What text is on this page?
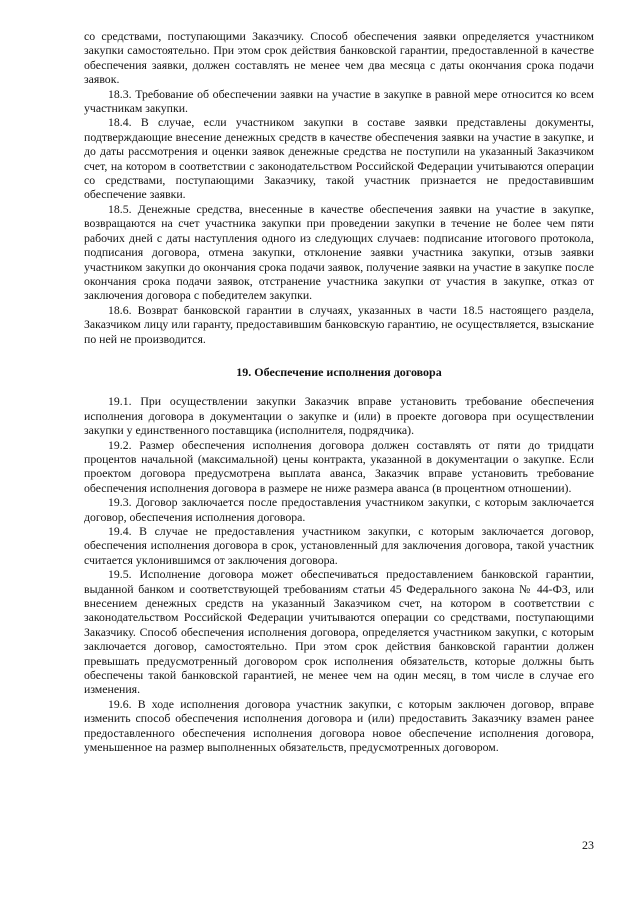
со средствами, поступающими Заказчику. Способ обеспечения заявки определяется участником закупки самостоятельно. При этом срок действия банковской гарантии, предоставленной в качестве обеспечения заявки, должен составлять не менее чем два месяца с даты окончания срока подачи заявок.

18.3. Требование об обеспечении заявки на участие в закупке в равной мере относится ко всем участникам закупки.

18.4. В случае, если участником закупки в составе заявки представлены документы, подтверждающие внесение денежных средств в качестве обеспечения заявки на участие в закупке, и до даты рассмотрения и оценки заявок денежные средства не поступили на указанный Заказчиком счет, на котором в соответствии с законодательством Российской Федерации учитываются операции со средствами, поступающими Заказчику, такой участник признается не предоставившим обеспечение заявки.

18.5. Денежные средства, внесенные в качестве обеспечения заявки на участие в закупке, возвращаются на счет участника закупки при проведении закупки в течение не более чем пяти рабочих дней с даты наступления одного из следующих случаев: подписание итогового протокола, подписания договора, отмена закупки, отклонение заявки участника закупки, отзыв заявки участником закупки до окончания срока подачи заявок, получение заявки на участие в закупке после окончания срока подачи заявок, отстранение участника закупки от участия в закупке, отказ от заключения договора с победителем закупки.

18.6. Возврат банковской гарантии в случаях, указанных в части 18.5 настоящего раздела, Заказчиком лицу или гаранту, предоставившим банковскую гарантию, не осуществляется, взыскание по ней не производится.

19. Обеспечение исполнения договора

19.1. При осуществлении закупки Заказчик вправе установить требование обеспечения исполнения договора в документации о закупке и (или) в проекте договора при осуществлении закупки у единственного поставщика (исполнителя, подрядчика).

19.2. Размер обеспечения исполнения договора должен составлять от пяти до тридцати процентов начальной (максимальной) цены контракта, указанной в документации о закупке. Если проектом договора предусмотрена выплата аванса, Заказчик вправе установить требование обеспечения исполнения договора в размере не ниже размера аванса (в процентном отношении).

19.3. Договор заключается после предоставления участником закупки, с которым заключается договор, обеспечения исполнения договора.

19.4. В случае не предоставления участником закупки, с которым заключается договор, обеспечения исполнения договора в срок, установленный для заключения договора, такой участник считается уклонившимся от заключения договора.

19.5. Исполнение договора может обеспечиваться предоставлением банковской гарантии, выданной банком и соответствующей требованиям статьи 45 Федерального закона № 44-ФЗ, или внесением денежных средств на указанный Заказчиком счет, на котором в соответствии с законодательством Российской Федерации учитываются операции со средствами, поступающими Заказчику. Способ обеспечения исполнения договора, определяется участником закупки, с которым заключается договор, самостоятельно. При этом срок действия банковской гарантии должен превышать предусмотренный договором срок исполнения обязательств, которые должны быть обеспечены такой банковской гарантией, не менее чем на один месяц, в том числе в случае его изменения.

19.6. В ходе исполнения договора участник закупки, с которым заключен договор, вправе изменить способ обеспечения исполнения договора и (или) предоставить Заказчику взамен ранее предоставленного обеспечения исполнения договора новое обеспечение исполнения договора, уменьшенное на размер выполненных обязательств, предусмотренных договором.

23
